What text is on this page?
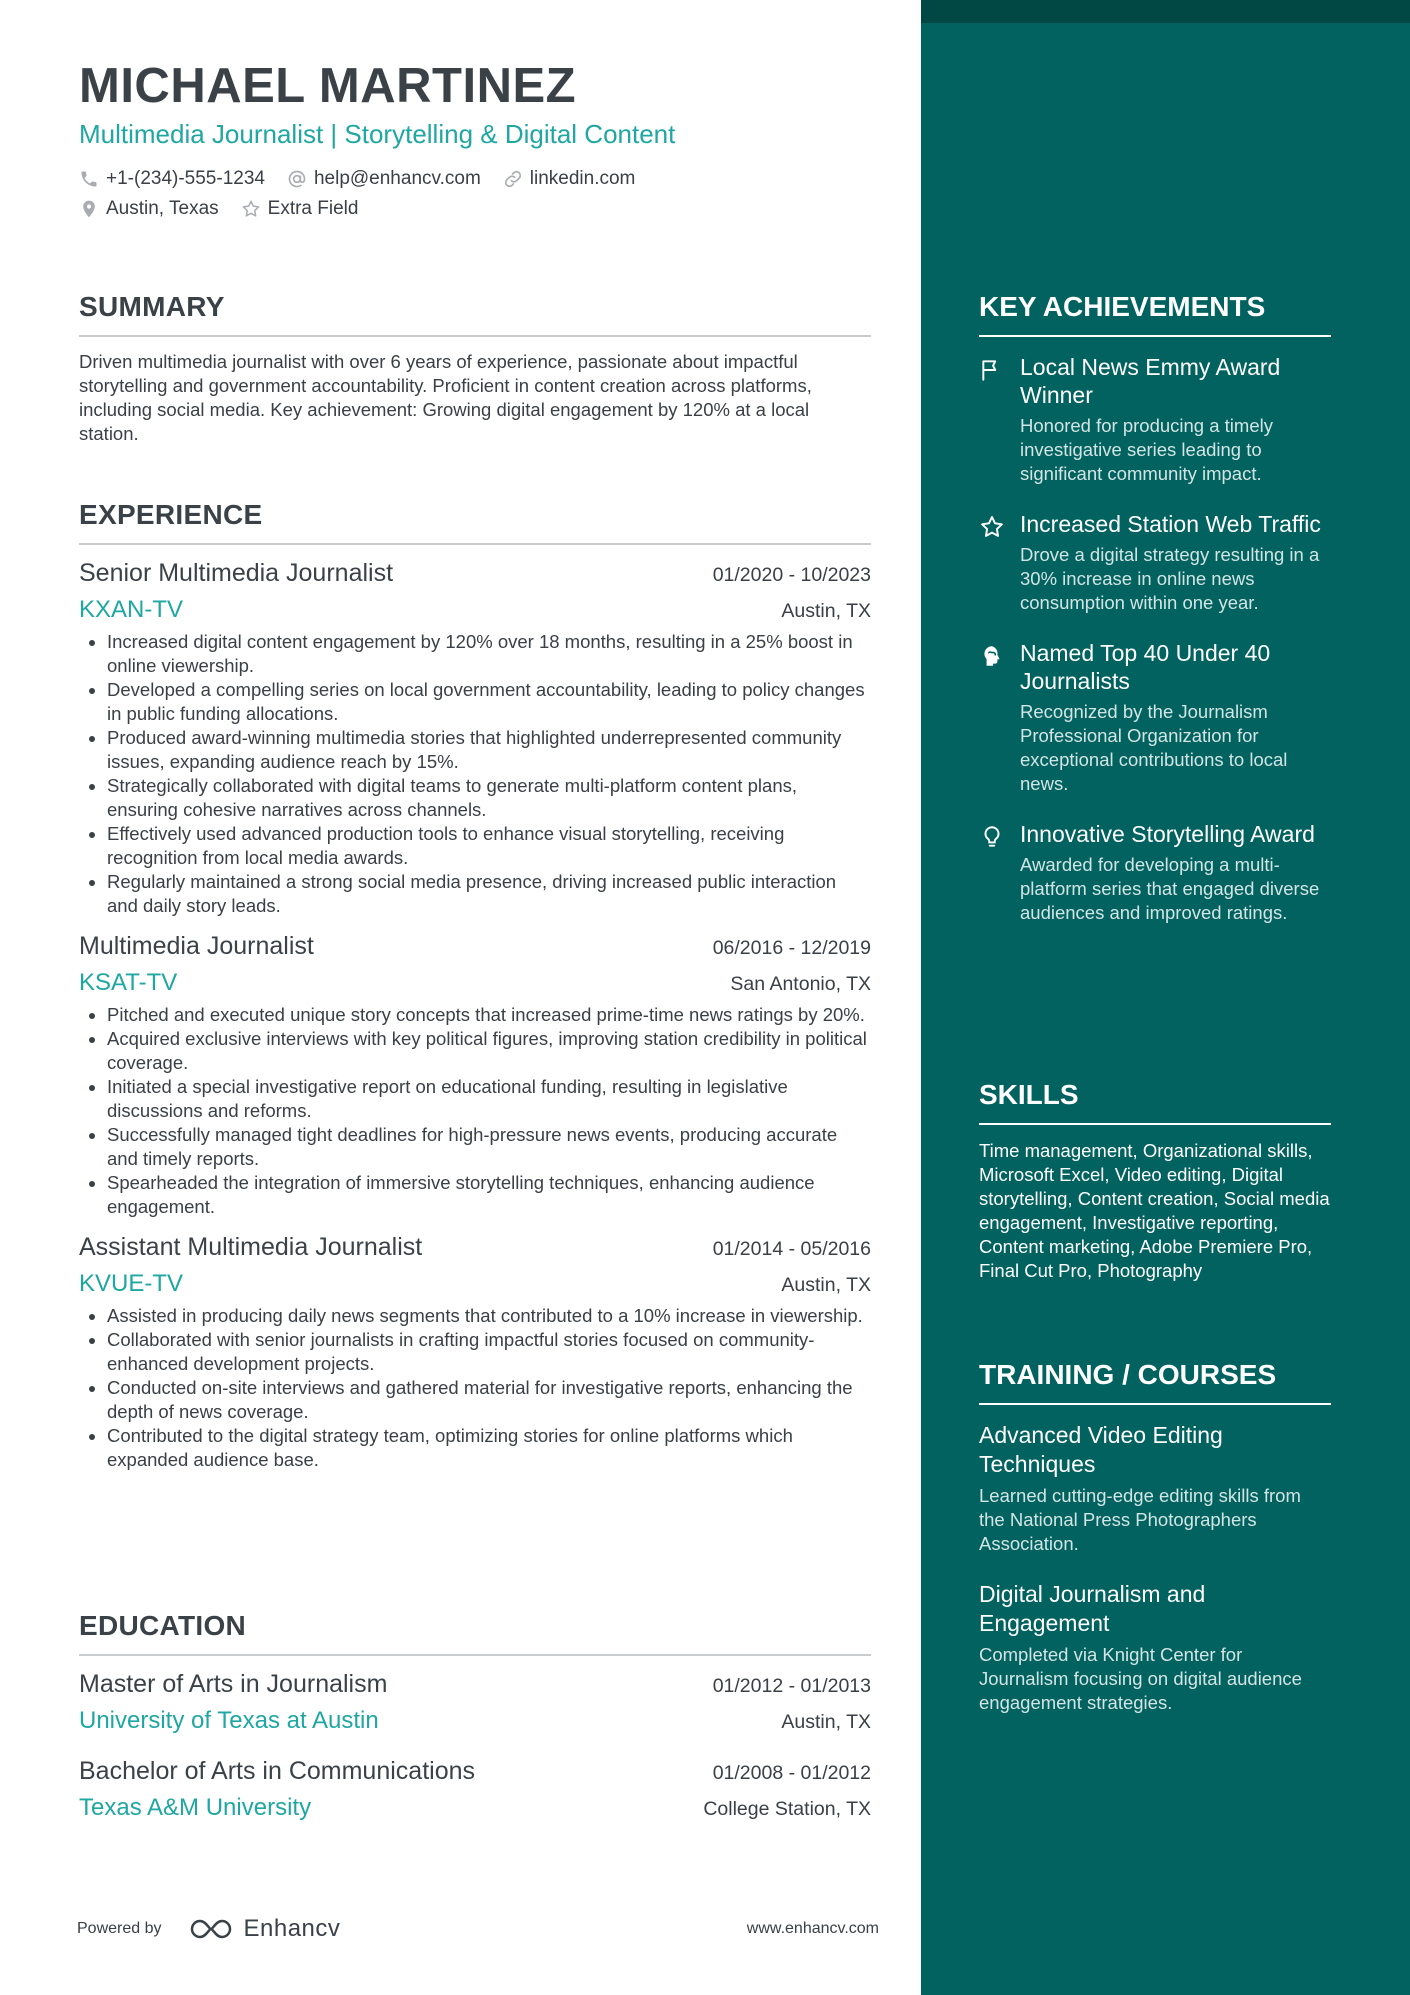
MICHAEL MARTINEZ
Multimedia Journalist | Storytelling & Digital Content
+1-(234)-555-1234	help@enhancv.com	linkedin.com
Austin, Texas	Extra Field
SUMMARY
Driven multimedia journalist with over 6 years of experience, passionate about impactful storytelling and government accountability. Proficient in content creation across platforms, including social media. Key achievement: Growing digital engagement by 120% at a local station.
EXPERIENCE
Senior Multimedia Journalist	01/2020 - 10/2023
KXAN-TV	Austin, TX
• Increased digital content engagement by 120% over 18 months, resulting in a 25% boost in online viewership.
• Developed a compelling series on local government accountability, leading to policy changes in public funding allocations.
• Produced award-winning multimedia stories that highlighted underrepresented community issues, expanding audience reach by 15%.
• Strategically collaborated with digital teams to generate multi-platform content plans, ensuring cohesive narratives across channels.
• Effectively used advanced production tools to enhance visual storytelling, receiving recognition from local media awards.
• Regularly maintained a strong social media presence, driving increased public interaction and daily story leads.
Multimedia Journalist	06/2016 - 12/2019
KSAT-TV	San Antonio, TX
• Pitched and executed unique story concepts that increased prime-time news ratings by 20%.
• Acquired exclusive interviews with key political figures, improving station credibility in political coverage.
• Initiated a special investigative report on educational funding, resulting in legislative discussions and reforms.
• Successfully managed tight deadlines for high-pressure news events, producing accurate and timely reports.
• Spearheaded the integration of immersive storytelling techniques, enhancing audience engagement.
Assistant Multimedia Journalist	01/2014 - 05/2016
KVUE-TV	Austin, TX
• Assisted in producing daily news segments that contributed to a 10% increase in viewership.
• Collaborated with senior journalists in crafting impactful stories focused on community-enhanced development projects.
• Conducted on-site interviews and gathered material for investigative reports, enhancing the depth of news coverage.
• Contributed to the digital strategy team, optimizing stories for online platforms which expanded audience base.
EDUCATION
Master of Arts in Journalism	01/2012 - 01/2013
University of Texas at Austin	Austin, TX
Bachelor of Arts in Communications	01/2008 - 01/2012
Texas A&M University	College Station, TX
Powered by	Enhancv	www.enhancv.com
KEY ACHIEVEMENTS
Local News Emmy Award Winner
Honored for producing a timely investigative series leading to significant community impact.
Increased Station Web Traffic
Drove a digital strategy resulting in a 30% increase in online news consumption within one year.
Named Top 40 Under 40 Journalists
Recognized by the Journalism Professional Organization for exceptional contributions to local news.
Innovative Storytelling Award
Awarded for developing a multi-platform series that engaged diverse audiences and improved ratings.
SKILLS
Time management, Organizational skills, Microsoft Excel, Video editing, Digital storytelling, Content creation, Social media engagement, Investigative reporting, Content marketing, Adobe Premiere Pro, Final Cut Pro, Photography
TRAINING / COURSES
Advanced Video Editing Techniques
Learned cutting-edge editing skills from the National Press Photographers Association.
Digital Journalism and Engagement
Completed via Knight Center for Journalism focusing on digital audience engagement strategies.
